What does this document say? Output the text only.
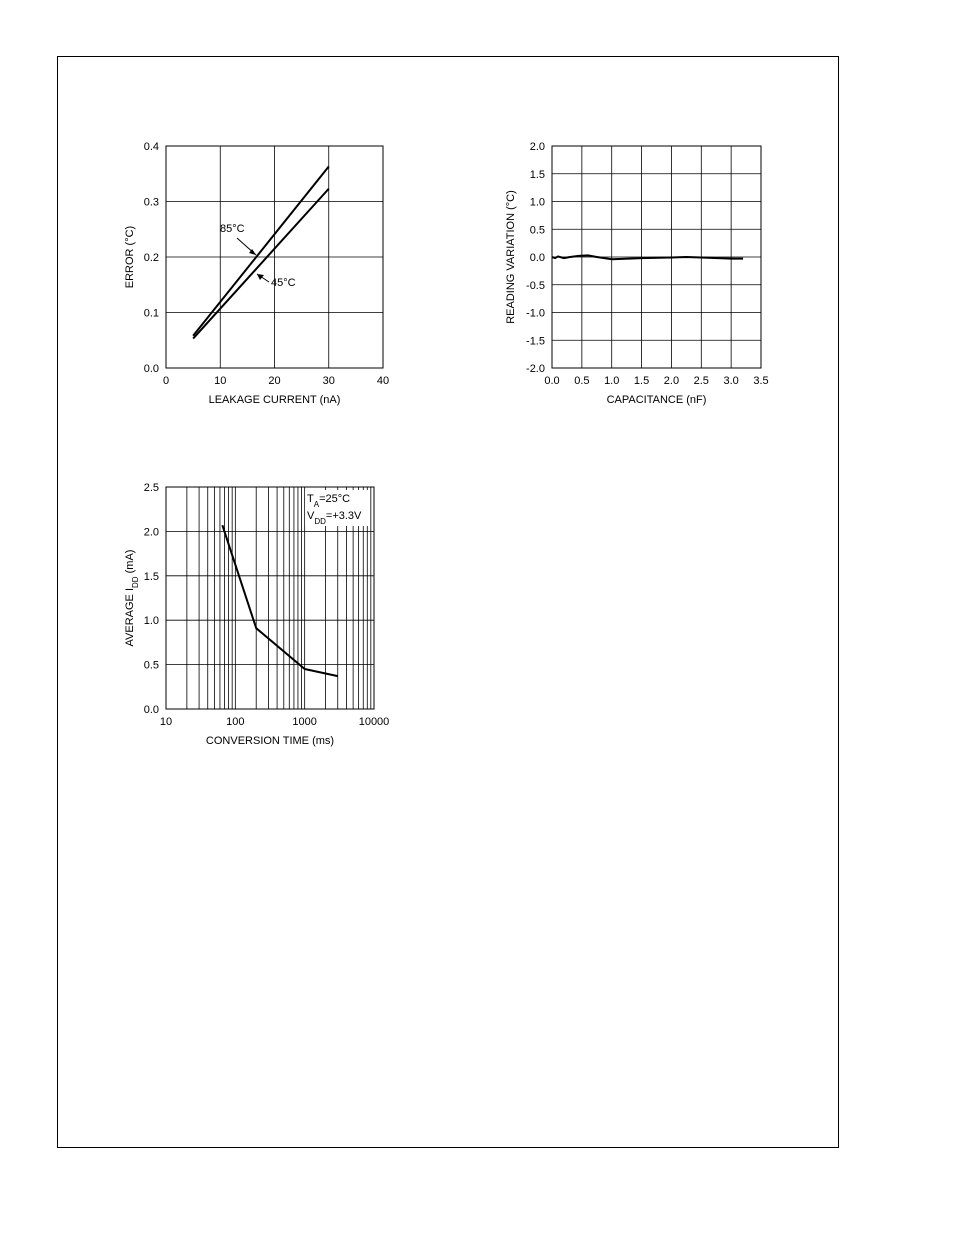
0	10	20	30	40
0.0
0.1
0.2
0.3
0.4
LEAKAGE CURRENT (nA)
ERROR (°C)	85°C
45°C
0.0 0.5 1.0 1.5 2.0 2.5 3.0 3.5
-2.0
-1.5
-1.0
-0.5
0.0
0.5
1.0
1.5
2.0
CAPACITANCE (nF)
READING VARIATION (°C)
10	100	1000	10000
0.0
0.5
1.0
1.5
2.0
2.5
CONVERSION TIME (ms)
AVERAGE $I_{DD}$ (mA)
$T_A=25^\circ C$
$V_{DD}=+3.3V$
